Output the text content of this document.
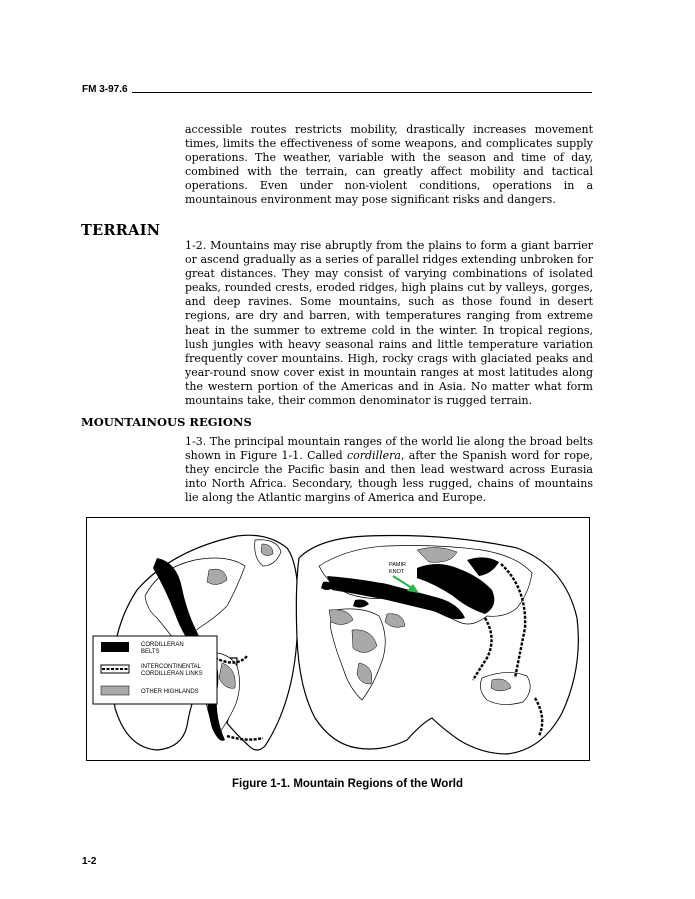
FM 3-97.6

accessible routes restricts mobility, drastically increases movement times, limits the effectiveness of some weapons, and complicates supply operations. The weather, variable with the season and time of day, combined with the terrain, can greatly affect mobility and tactical operations. Even under non-violent conditions, operations in a mountainous environment may pose significant risks and dangers.

TERRAIN

1-2. Mountains may rise abruptly from the plains to form a giant barrier or ascend gradually as a series of parallel ridges extending unbroken for great distances. They may consist of varying combinations of isolated peaks, rounded crests, eroded ridges, high plains cut by valleys, gorges, and deep ravines. Some mountains, such as those found in desert regions, are dry and barren, with temperatures ranging from extreme heat in the summer to extreme cold in the winter. In tropical regions, lush jungles with heavy seasonal rains and little temperature variation frequently cover mountains. High, rocky crags with glaciated peaks and year-round snow cover exist in mountain ranges at most latitudes along the western portion of the Americas and in Asia. No matter what form mountains take, their common denominator is rugged terrain.

MOUNTAINOUS REGIONS

1-3. The principal mountain ranges of the world lie along the broad belts shown in Figure 1-1. Called cordillera, after the Spanish word for rope, they encircle the Pacific basin and then lead westward across Eurasia into North Africa. Secondary, though less rugged, chains of mountains lie along the Atlantic margins of America and Europe.

PAMIR
KNOT
CORDILLERAN
BELTS
INTERCONTINENTAL
CORDILLERAN LINKS
OTHER HIGHLANDS

Figure 1-1. Mountain Regions of the World

1-2
